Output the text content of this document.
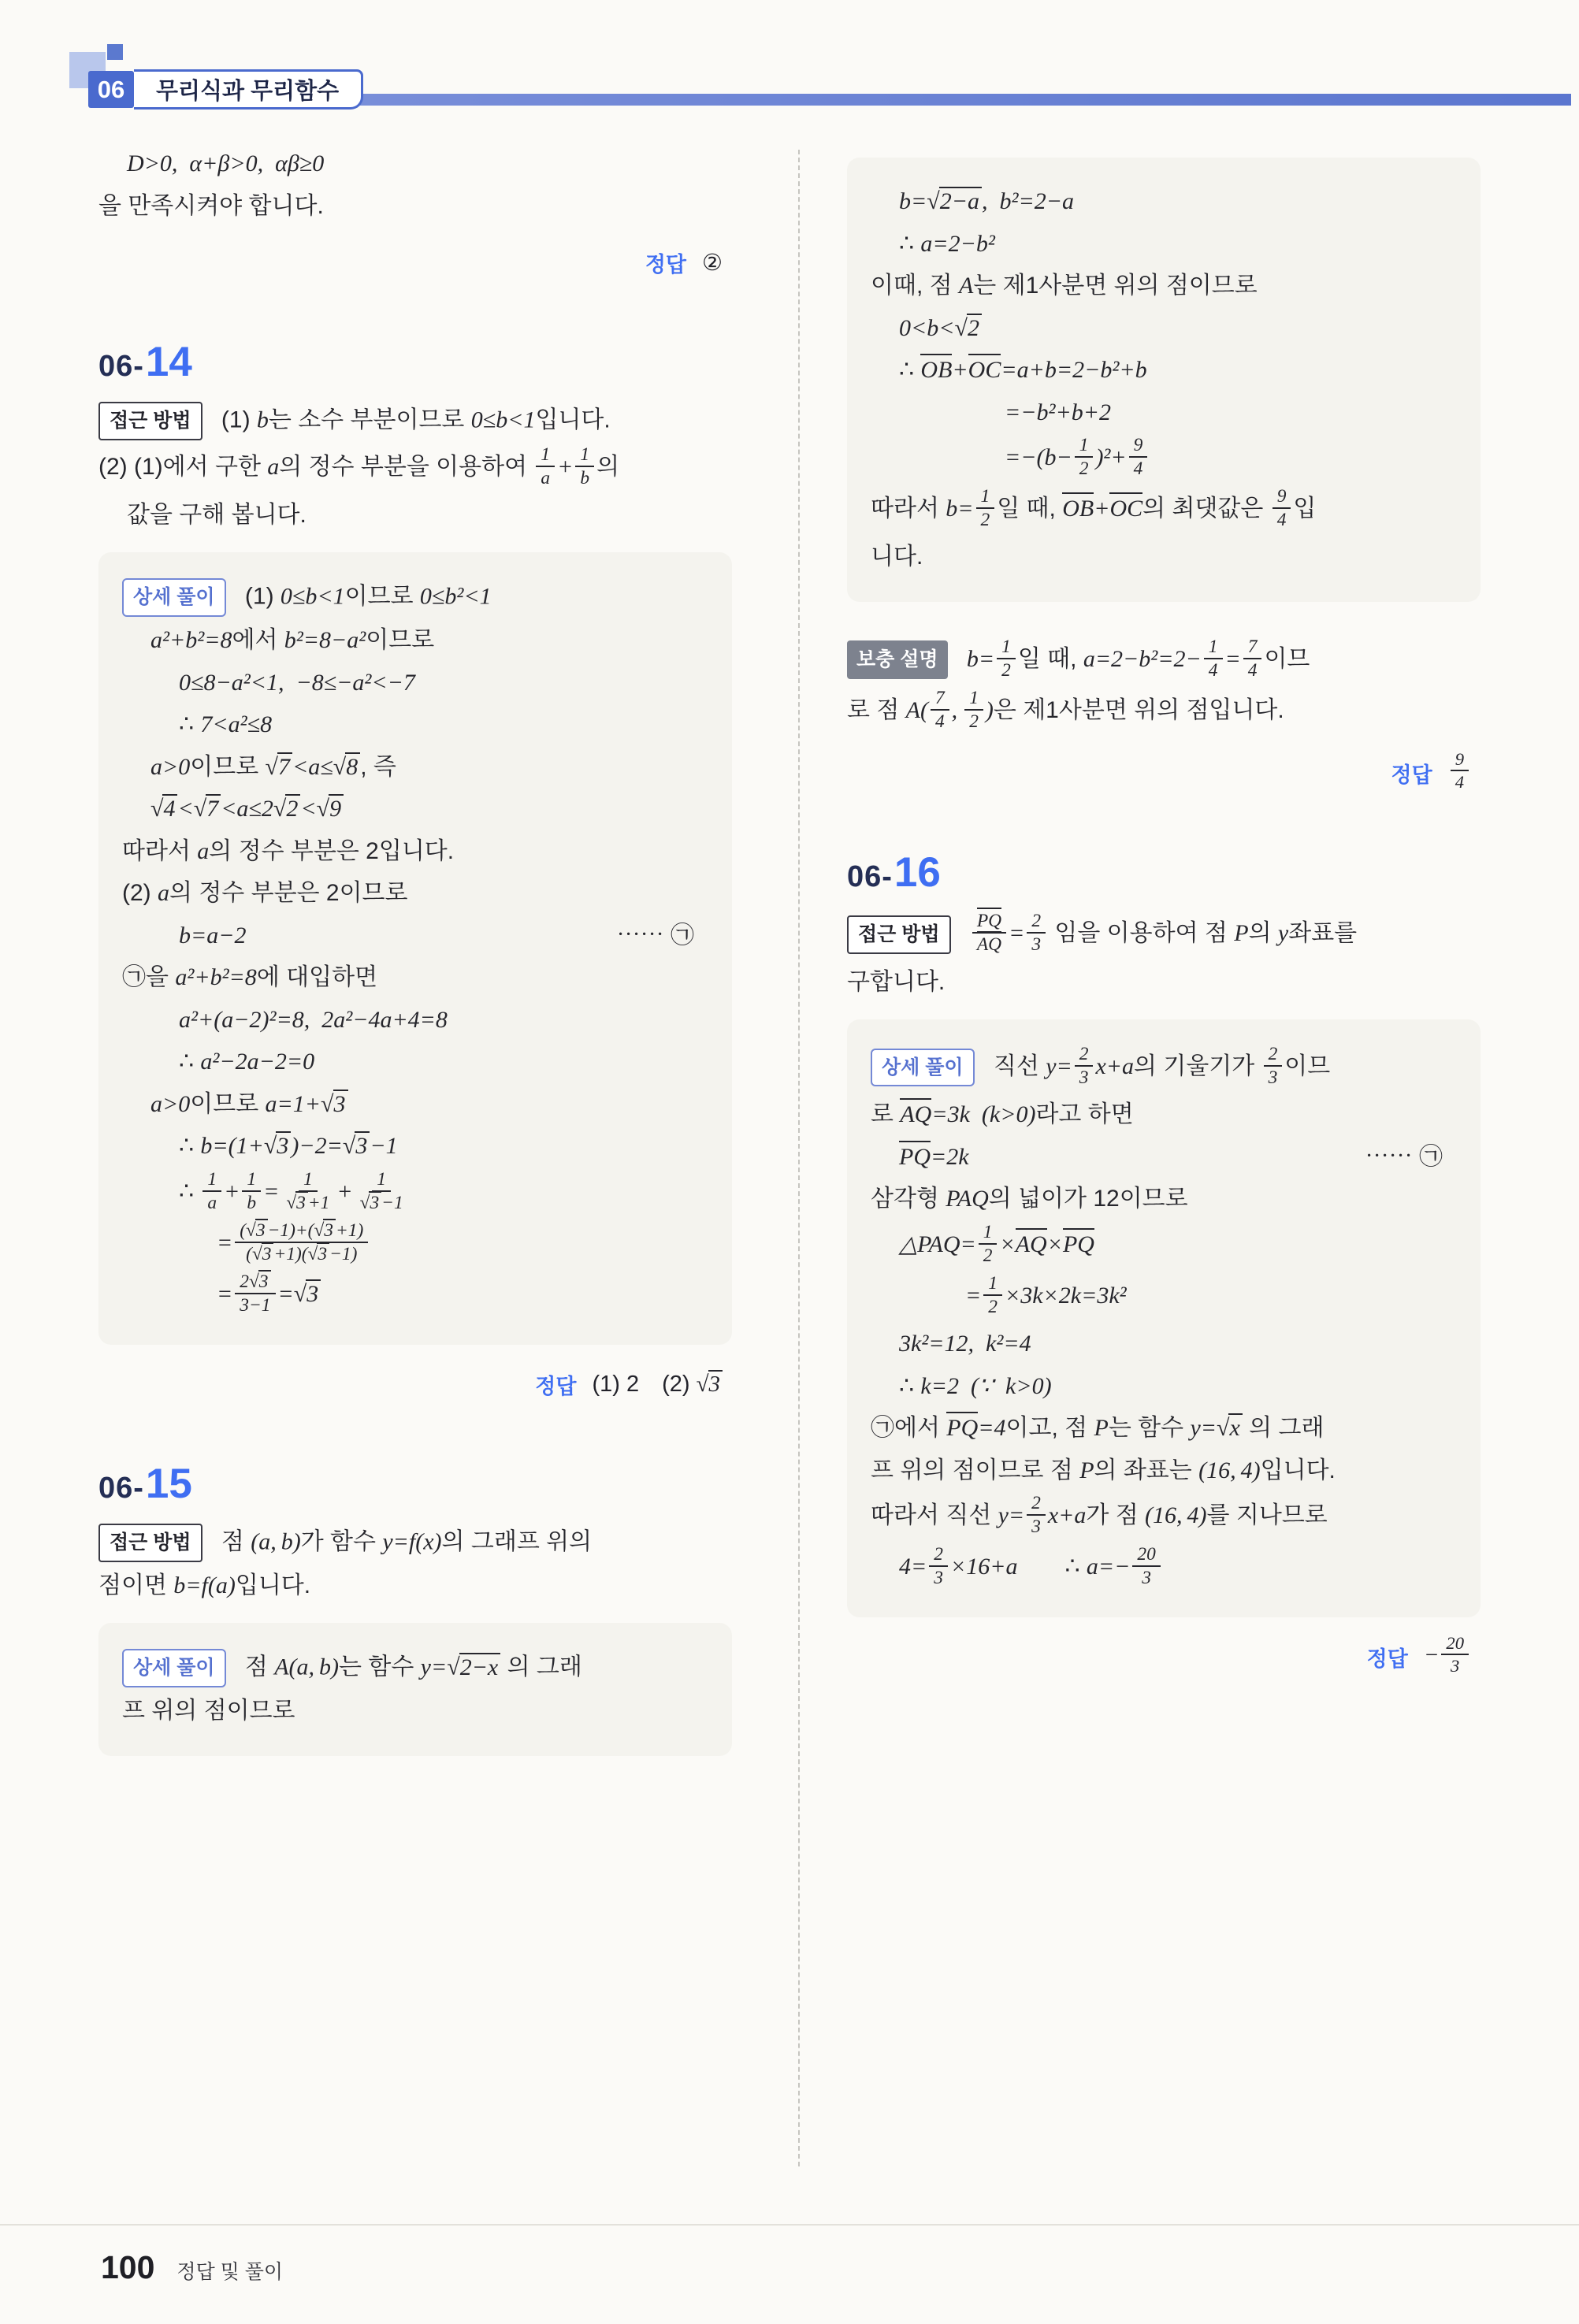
06 무리식과 무리함수
D>0, α+β>0, αβ≥0
을 만족시켜야 합니다.
정답 ②
06- 14
접근 방법 (1) b는 소수 부분이므로 0≤b<1입니다.
(2) (1)에서 구한 a의 정수 부분을 이용하여 $\frac{1}{a} + \frac{1}{b}$ 의
값을 구해 봅니다.
상세 풀이 (1) 0≤b<1이므로 0≤b²<1
a²+b²=8에서 b²=8−a²이므로
0≤8−a²<1, −8≤−a²<−7
∴ 7<a²≤8
a>0이므로 √7 <a≤√8 , 즉
√4 <√7 <a≤2√2 <√9
따라서 a의 정수 부분은 2입니다.
(2) a의 정수 부분은 2이므로
b=a−2	⋯⋯ ㉠
㉠을 a²+b²=8에 대입하면
a²+(a−2)²=8, 2a²−4a+4=8
∴ a²−2a−2=0
a>0이므로 a=1+√3
∴ b=(1+√3 )−2=√3 −1
∴ $\frac{1}{a} + \frac{1}{b} = \frac{1}{√3 +1} + \frac{1}{√3 -1}$
= $\frac{(√3 -1)+(√3 +1)}{(√3 +1)(√3 -1)}$
= $\frac{2√3}{3-1} =√3$
정답 (1) 2 (2) √3
06- 15
접근 방법 점 (a, b)가 함수 y=f(x)의 그래프 위의
점이면 b=f(a)입니다.
상세 풀이 점 A(a, b)는 함수 y=√2−x 의 그래
프 위의 점이므로
b=√2−a , b²=2−a
∴ a=2−b²
이때, 점 A는 제1사분면 위의 점이므로
0<b<√2
∴ OB+OC=a+b=2−b²+b
=−b²+b+2
$=-(b- \frac{1}{2} )^2+ \frac{9}{4}$
따라서 $b= \frac{1}{2}$ 일 때, OB+OC의 최댓값은 $\frac{9}{4}$ 입
니다.
보충 설명 $b= \frac{1}{2}$ 일 때, $a=2-b^2=2- \frac{1}{4} = \frac{7}{4}$ 이므
로 점 $A( \frac{7}{4}$ ,  $\frac{1}{2}$ )은 제1사분면 위의 점입니다.
정답 $\frac{9}{4}$
06- 16
접근 방법 $\frac{PQ}{AQ} = \frac{2}{3}$ 임을 이용하여 점 P의 y좌표를
구합니다.
상세 풀이 직선 $y= \frac{2}{3} x+a$의 기울기가 $\frac{2}{3}$ 이므
로 AQ=3k (k>0)라고 하면
PQ=2k	⋯⋯ ㉠
삼각형 PAQ의 넓이가 12이므로
△PAQ= $\frac{1}{2} \times AQ\times PQ$
= $\frac{1}{2} \times 3k\times 2k=3k^2$
3k²=12, k²=4
∴ k=2 (∵ k>0)
㉠에서 PQ=4이고, 점 P는 함수 y=√x 의 그래
프 위의 점이므로 점 P의 좌표는 (16, 4)입니다.
따라서 직선 $y= \frac{2}{3} x+a$가 점 (16, 4)를 지나므로
$4= \frac{2}{3} \times 16+a$  ∴ $a=- \frac{20}{3}$
정답 − $\frac{20}{3}$
100 정답 및 풀이
